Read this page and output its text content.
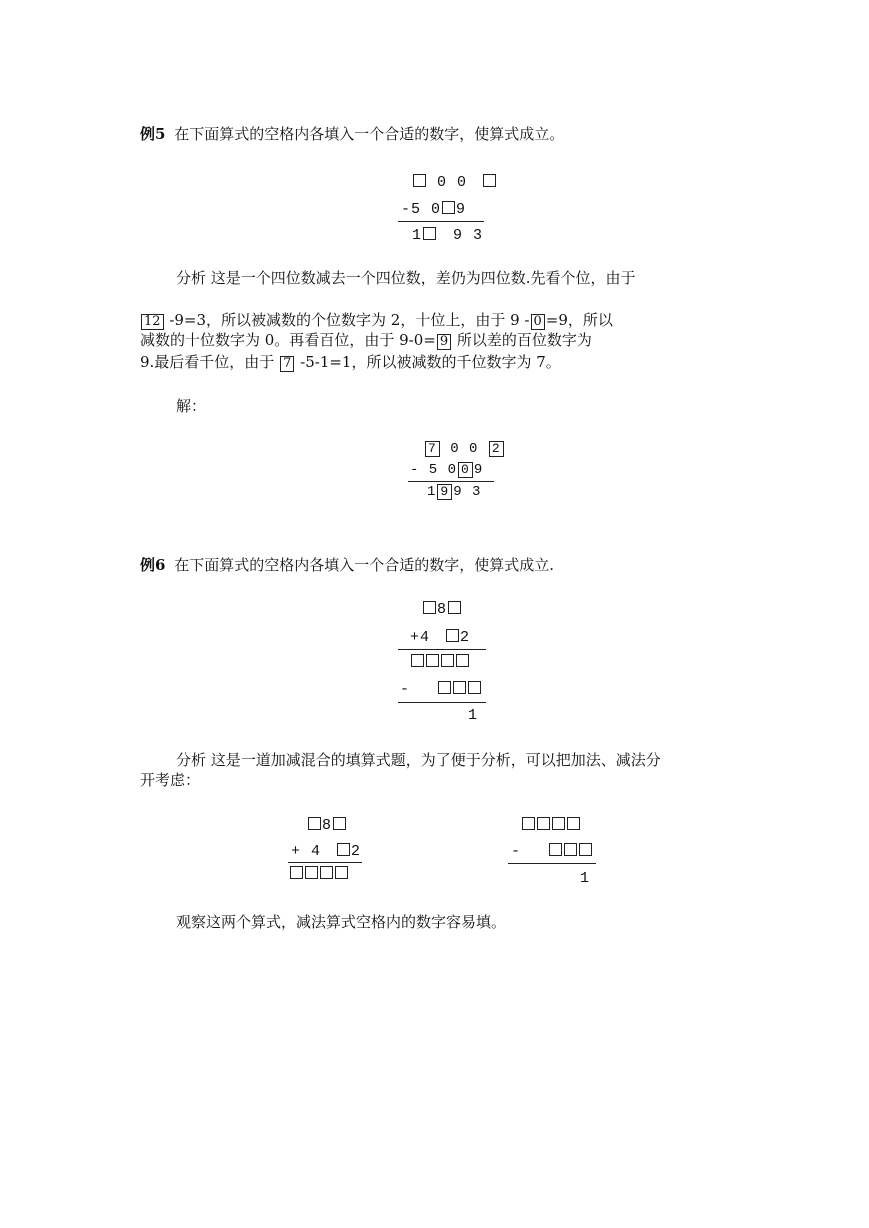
例5 在下面算式的空格内各填入一个合适的数字，使算式成立。
0 0
-5 0 9
1 9 3
分析 这是一个四位数减去一个四位数，差仍为四位数.先看个位，由于
12 -9=3，所以被减数的个位数字为 2，十位上，由于 9 - 0 =9，所以
减数的十位数字为 0。再看百位，由于 9-0= 9 所以差的百位数字为
9.最后看千位，由于 7 -5-1=1，所以被减数的千位数字为 7。
解：
7 0 0 2
- 5 0 0 9
1 9 9 3
例6 在下面算式的空格内各填入一个合适的数字，使算式成立.
8
+4 2
-
1
分析 这是一道加减混合的填算式题，为了便于分析，可以把加法、减法分
开考虑：
8
+ 4 2	-
1
观察这两个算式，减法算式空格内的数字容易填。
